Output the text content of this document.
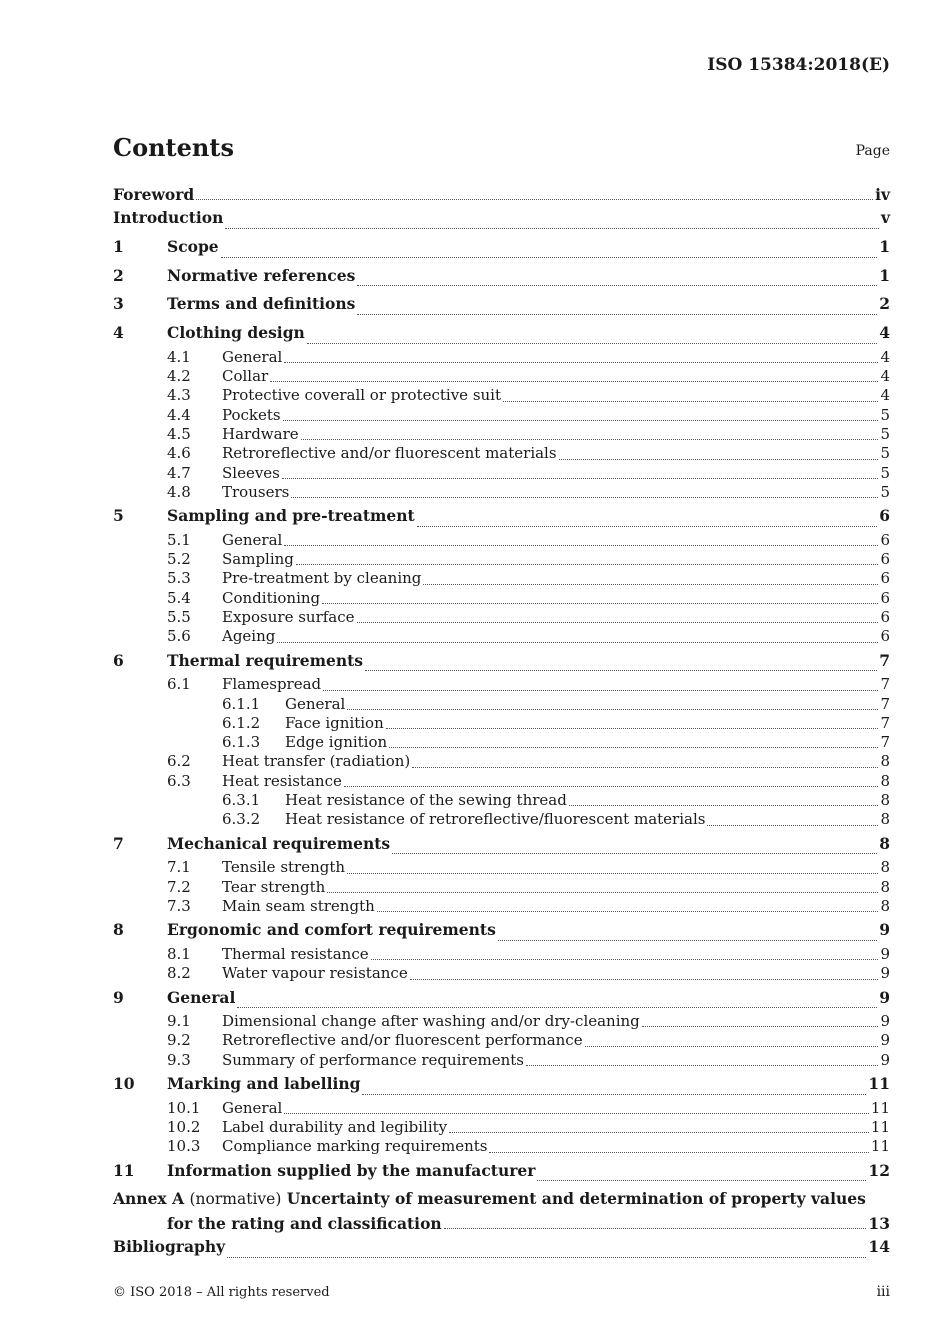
ISO 15384:2018(E)
Contents	Page
Foreword	iv
Introduction	v
1	Scope	1
2	Normative references	1
3	Terms and definitions	2
4	Clothing design	4
4.1	General	4
4.2	Collar	4
4.3	Protective coverall or protective suit	4
4.4	Pockets	5
4.5	Hardware	5
4.6	Retroreflective and/or fluorescent materials	5
4.7	Sleeves	5
4.8	Trousers	5
5	Sampling and pre-treatment	6
5.1	General	6
5.2	Sampling	6
5.3	Pre-treatment by cleaning	6
5.4	Conditioning	6
5.5	Exposure surface	6
5.6	Ageing	6
6	Thermal requirements	7
6.1	Flamespread	7
6.1.1	General	7
6.1.2	Face ignition	7
6.1.3	Edge ignition	7
6.2	Heat transfer (radiation)	8
6.3	Heat resistance	8
6.3.1	Heat resistance of the sewing thread	8
6.3.2	Heat resistance of retroreflective/fluorescent materials	8
7	Mechanical requirements	8
7.1	Tensile strength	8
7.2	Tear strength	8
7.3	Main seam strength	8
8	Ergonomic and comfort requirements	9
8.1	Thermal resistance	9
8.2	Water vapour resistance	9
9	General	9
9.1	Dimensional change after washing and/or dry-cleaning	9
9.2	Retroreflective and/or fluorescent performance	9
9.3	Summary of performance requirements	9
10	Marking and labelling	11
10.1	General	11
10.2	Label durability and legibility	11
10.3	Compliance marking requirements	11
11	Information supplied by the manufacturer	12
Annex A (normative) Uncertainty of measurement and determination of property values
for the rating and classification	13
Bibliography	14
© ISO 2018 – All rights reserved	iii
